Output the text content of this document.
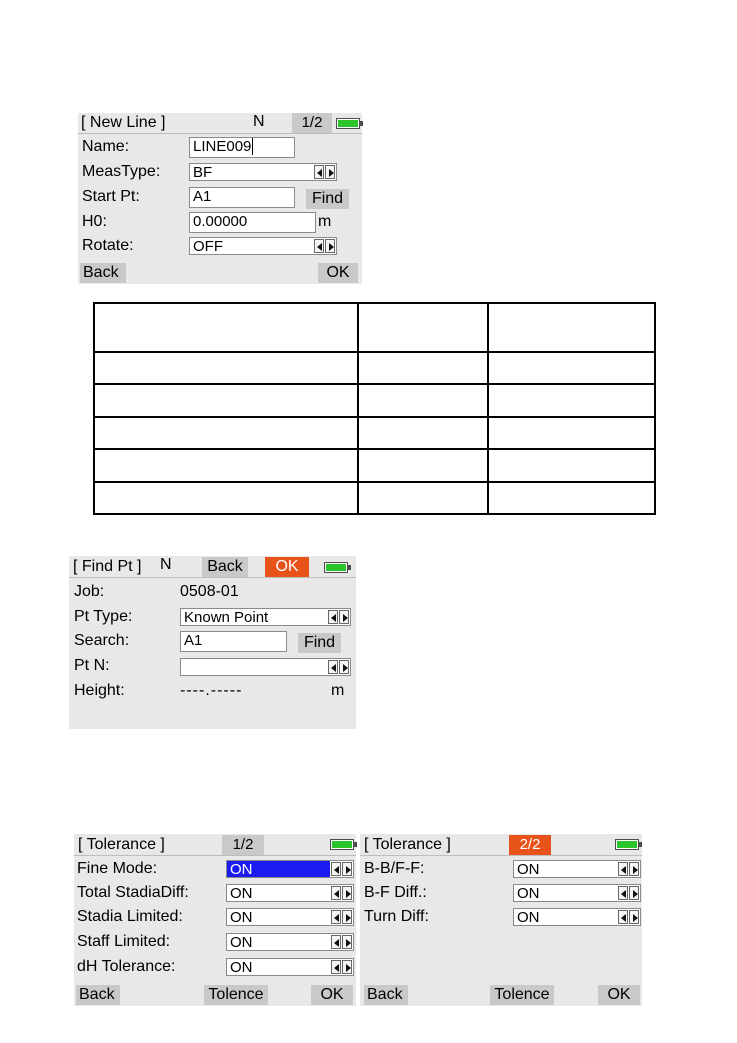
[ New Line ]	N	1/2
Name:	LINE009
MeasType: BF
Start Pt:	A1	Find
H0:	0.00000	m
Rotate:	OFF
Back	OK

[ Find Pt ] N	Back	OK
Job:	0508-01
Pt Type:	Known Point
Search:	A1	Find
Pt N:
Height:	----.-----	m
[ Tolerance ]	1/2
Fine Mode:	ON
Total StadiaDiff:	ON
Stadia Limited:	ON
Staff Limited:	ON
dH Tolerance:	ON
Back	Tolence	OK
[ Tolerance ]	2/2
B-B/F-F:	ON
B-F Diff.:	ON
Turn Diff:	ON
Back	Tolence	OK
